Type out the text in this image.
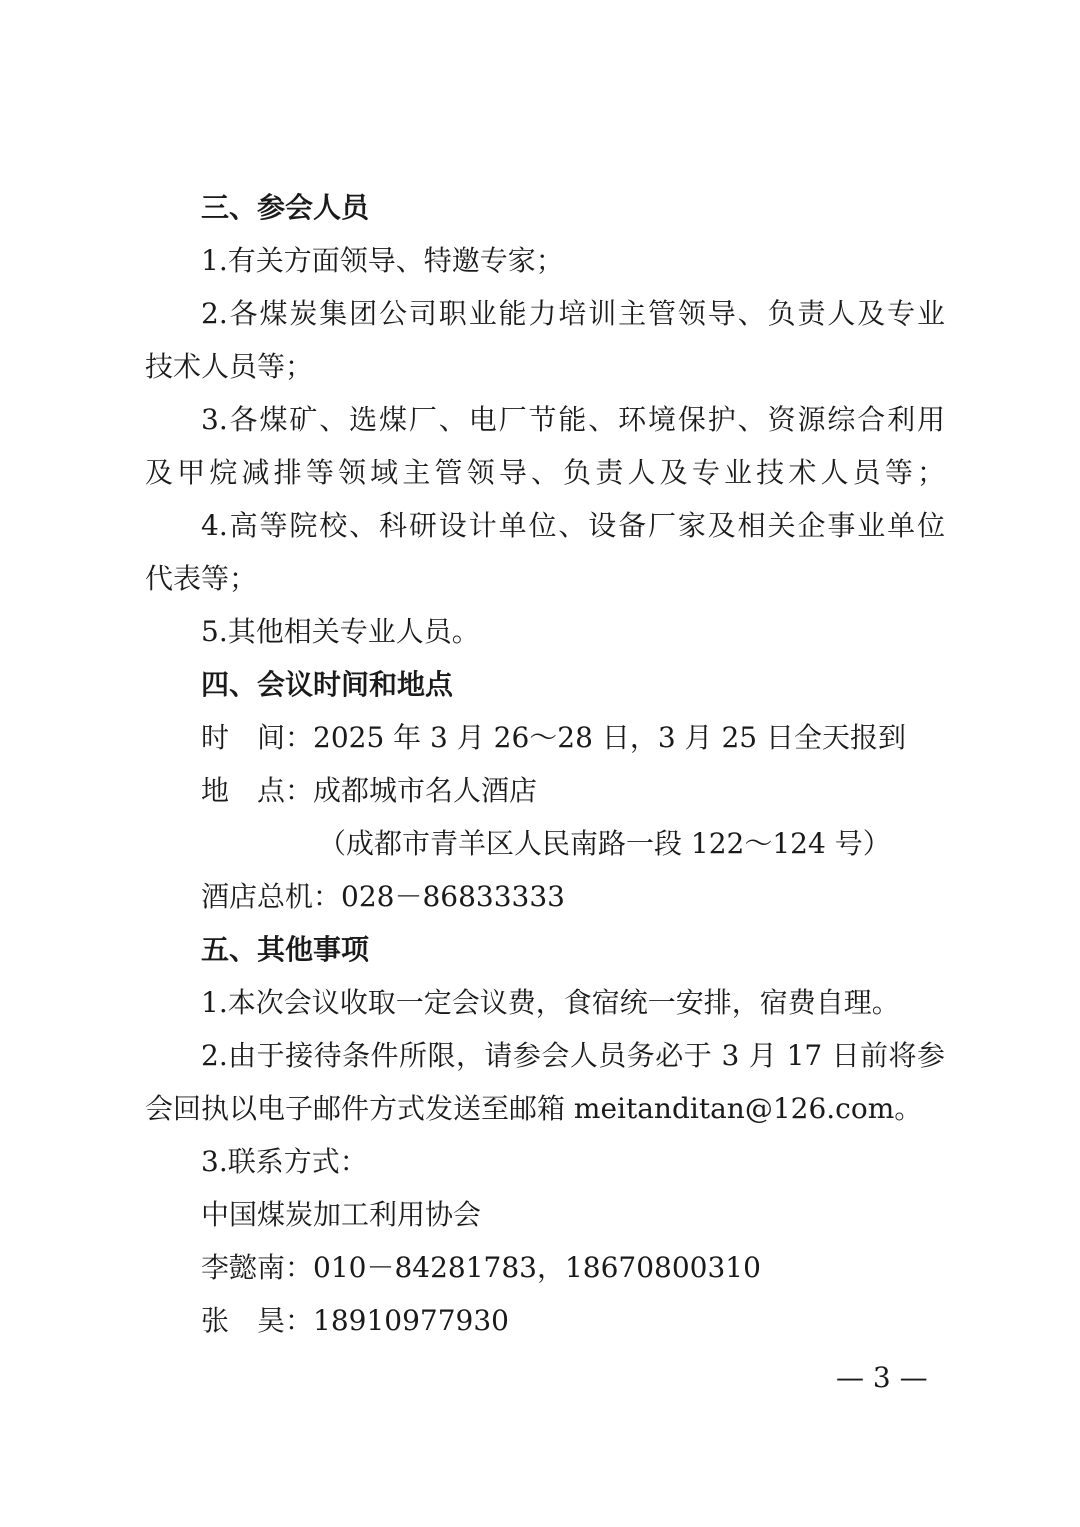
三、参会人员
1.有关方面领导、特邀专家；
2.各煤炭集团公司职业能力培训主管领导、负责人及专业
技术人员等；
3.各煤矿、选煤厂、电厂节能、环境保护、资源综合利用
及甲烷减排等领域主管领导、负责人及专业技术人员等；
4.高等院校、科研设计单位、设备厂家及相关企事业单位
代表等；
5.其他相关专业人员。
四、会议时间和地点
时　间：2025 年 3 月 26～28 日，3 月 25 日全天报到
地　点：成都城市名人酒店
（成都市青羊区人民南路一段 122～124 号）
酒店总机：028－86833333
五、其他事项
1.本次会议收取一定会议费，食宿统一安排，宿费自理。
2.由于接待条件所限，请参会人员务必于 3 月 17 日前将参
会回执以电子邮件方式发送至邮箱 meitanditan@126.com。
3.联系方式：
中国煤炭加工利用协会
李懿南：010－84281783，18670800310
张　昊：18910977930
— 3 —
